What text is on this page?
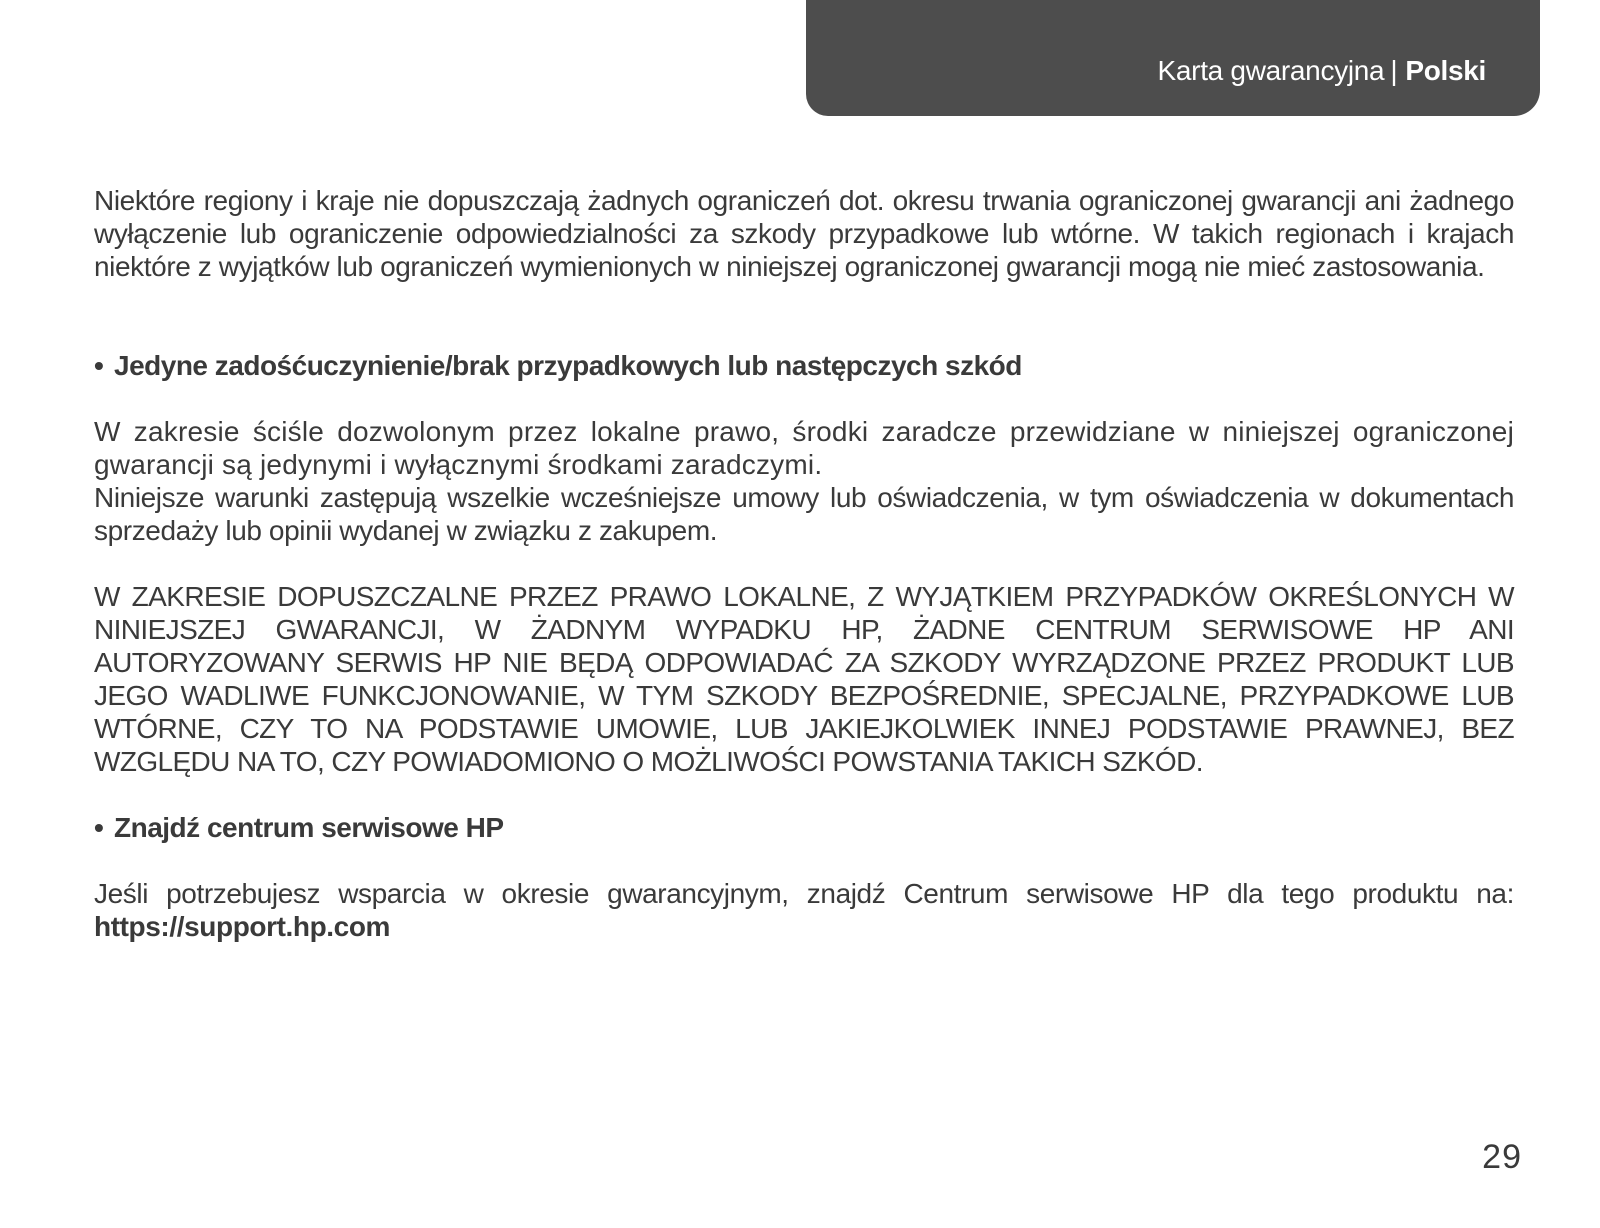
Karta gwarancyjna | Polski

Niektóre regiony i kraje nie dopuszczają żadnych ograniczeń dot. okresu trwania ograniczonej gwarancji ani żadnego wyłączenie lub ograniczenie odpowiedzialności za szkody przypadkowe lub wtórne. W takich regionach i krajach niektóre z wyjątków lub ograniczeń wymienionych w niniejszej ograniczonej gwarancji mogą nie mieć zastosowania.

• Jedyne zadośćuczynienie/brak przypadkowych lub następczych szkód

W zakresie ściśle dozwolonym przez lokalne prawo, środki zaradcze przewidziane w niniejszej ograniczonej gwarancji są jedynymi i wyłącznymi środkami zaradczymi.

Niniejsze warunki zastępują wszelkie wcześniejsze umowy lub oświadczenia, w tym oświadczenia w dokumentach sprzedaży lub opinii wydanej w związku z zakupem.

W ZAKRESIE DOPUSZCZALNE PRZEZ PRAWO LOKALNE, Z WYJĄTKIEM PRZYPADKÓW OKREŚLONYCH W NINIEJSZEJ GWARANCJI, W ŻADNYM WYPADKU HP, ŻADNE CENTRUM SERWISOWE HP ANI AUTORYZOWANY SERWIS HP NIE BĘDĄ ODPOWIADAĆ ZA SZKODY WYRZĄDZONE PRZEZ PRODUKT LUB JEGO WADLIWE FUNKCJONOWANIE, W TYM SZKODY BEZPOŚREDNIE, SPECJALNE, PRZYPADKOWE LUB WTÓRNE, CZY TO NA PODSTAWIE UMOWIE, LUB JAKIEJKOLWIEK INNEJ PODSTAWIE PRAWNEJ, BEZ WZGLĘDU NA TO, CZY POWIADOMIONO O MOŻLIWOŚCI POWSTANIA TAKICH SZKÓD.

• Znajdź centrum serwisowe HP

Jeśli potrzebujesz wsparcia w okresie gwarancyjnym, znajdź Centrum serwisowe HP dla tego produktu na: https://support.hp.com

29
